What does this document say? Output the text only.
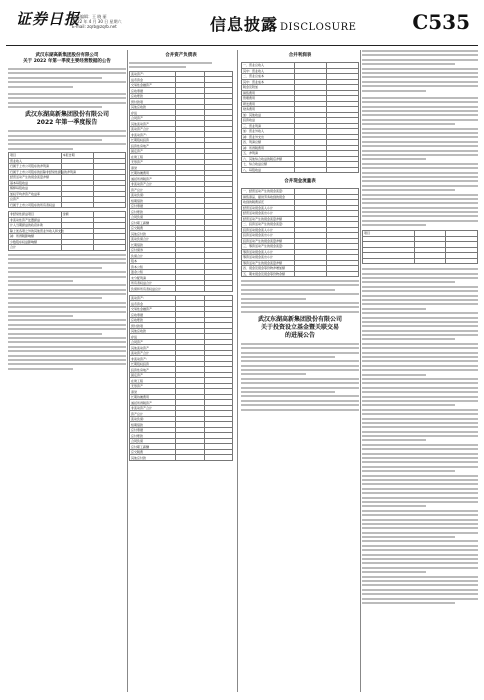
证券日报
责任编辑：王 晓 丽
2022 年 4 月 30 日 星期六
E-mail: zqrb@zqrb.net	信息披露 DISCLOSURE	C535
武汉东湖高新集团股份有限公司
关于 2022 年第一季度主要经营数据的公告
武汉东湖高新集团股份有限公司
2022 年第一季度报告
项目	本报告期	
营业收入		
归属于上市公司股东的净利润		
归属于上市公司股东的扣除非经常性损益的净利润		
经营活动产生的现金流量净额		
基本每股收益		
稀释每股收益		
加权平均净资产收益率		
总资产		
归属于上市公司股东的所有者权益		
非经常性损益项目	金额	
非流动性资产处置损益		
计入当期损益的政府补助		
除上述各项之外的其他营业外收入和支出		
减：所得税影响额		
少数股东权益影响额		
合计		
合并资产负债表
流动资产：		
货币资金		
交易性金融资产		
应收票据		
应收账款		
预付款项		
其他应收款		
存货		
合同资产		
其他流动资产		
流动资产合计		
非流动资产：		
长期股权投资		
投资性房地产		
固定资产		
在建工程		
无形资产		
商誉		
长期待摊费用		
递延所得税资产		
非流动资产合计		
资产总计		
流动负债：		
短期借款		
应付票据		
应付账款		
合同负债		
应付职工薪酬		
应交税费		
其他应付款		
流动负债合计		
长期借款		
应付债券		
负债合计		
股本		
资本公积		
盈余公积		
未分配利润		
所有者权益合计		
负债和所有者权益总计		
流动资产：		
货币资金		
交易性金融资产		
应收票据		
应收账款		
预付款项		
其他应收款		
存货		
合同资产		
其他流动资产		
流动资产合计		
非流动资产：		
长期股权投资		
投资性房地产		
固定资产		
在建工程		
无形资产		
商誉		
长期待摊费用		
递延所得税资产		
非流动资产合计		
资产总计		
流动负债：		
短期借款		
应付票据		
应付账款		
合同负债		
应付职工薪酬		
应交税费		
其他应付款		
合并利润表
一、营业总收入		
其中：营业收入		
二、营业总成本		
其中：营业成本		
税金及附加		
销售费用		
管理费用		
研发费用		
财务费用		
加：其他收益		
投资收益		
三、营业利润		
加：营业外收入		
减：营业外支出		
四、利润总额		
减：所得税费用		
五、净利润		
六、其他综合收益的税后净额		
七、综合收益总额		
八、每股收益		
合并现金流量表
一、经营活动产生的现金流量：		
销售商品、提供劳务收到的现金		
收到的税费返还		
经营活动现金流入小计		
经营活动现金流出小计		
经营活动产生的现金流量净额		
二、投资活动产生的现金流量：		
投资活动现金流入小计		
投资活动现金流出小计		
投资活动产生的现金流量净额		
三、筹资活动产生的现金流量：		
筹资活动现金流入小计		
筹资活动现金流出小计		
筹资活动产生的现金流量净额		
四、现金及现金等价物净增加额		
五、期末现金及现金等价物余额		
武汉东湖高新集团股份有限公司
关于投资设立基金暨关联交易
的进展公告
项目		
